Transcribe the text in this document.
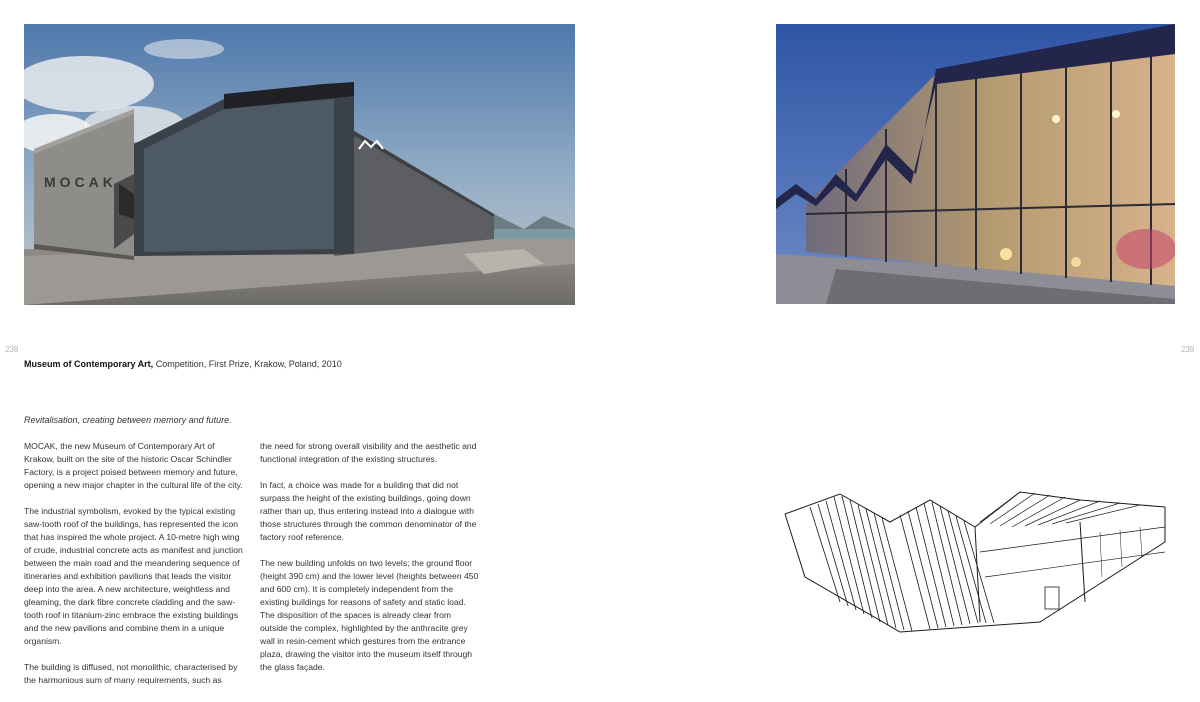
MOCAK
238	239
Museum of Contemporary Art, Competition, First Prize, Krakow, Poland, 2010
Revitalisation, creating between memory and future.

MOCAK, the new Museum of Contemporary Art of Krakow, built on the site of the historic Oscar Schindler Factory, is a project poised between memory and future, opening a new major chapter in the cultural life of the city.

The industrial symbolism, evoked by the typical existing saw-tooth roof of the buildings, has represented the icon that has inspired the whole project. A 10-metre high wing of crude, industrial concrete acts as manifest and junction between the main road and the meandering sequence of itineraries and exhibition pavilions that leads the visitor deep into the area. A new architecture, weightless and gleaming, the dark fibre concrete cladding and the saw-tooth roof in titanium-zinc embrace the existing buildings and the new pavilions and combine them in a unique organism.

The building is diffused, not monolithic, characterised by the harmonious sum of many requirements, such as

the need for strong overall visibility and the aesthetic and functional integration of the existing structures.

In fact, a choice was made for a building that did not surpass the height of the existing buildings, going down rather than up, thus entering instead into a dialogue with those structures through the common denominator of the factory roof reference.

The new building unfolds on two levels; the ground floor (height 390 cm) and the lower level (heights between 450 and 600 cm). It is completely independent from the existing buildings for reasons of safety and static load. The disposition of the spaces is already clear from outside the complex, highlighted by the anthracite grey wall in resin-cement which gestures from the entrance plaza, drawing the visitor into the museum itself through the glass façade.
